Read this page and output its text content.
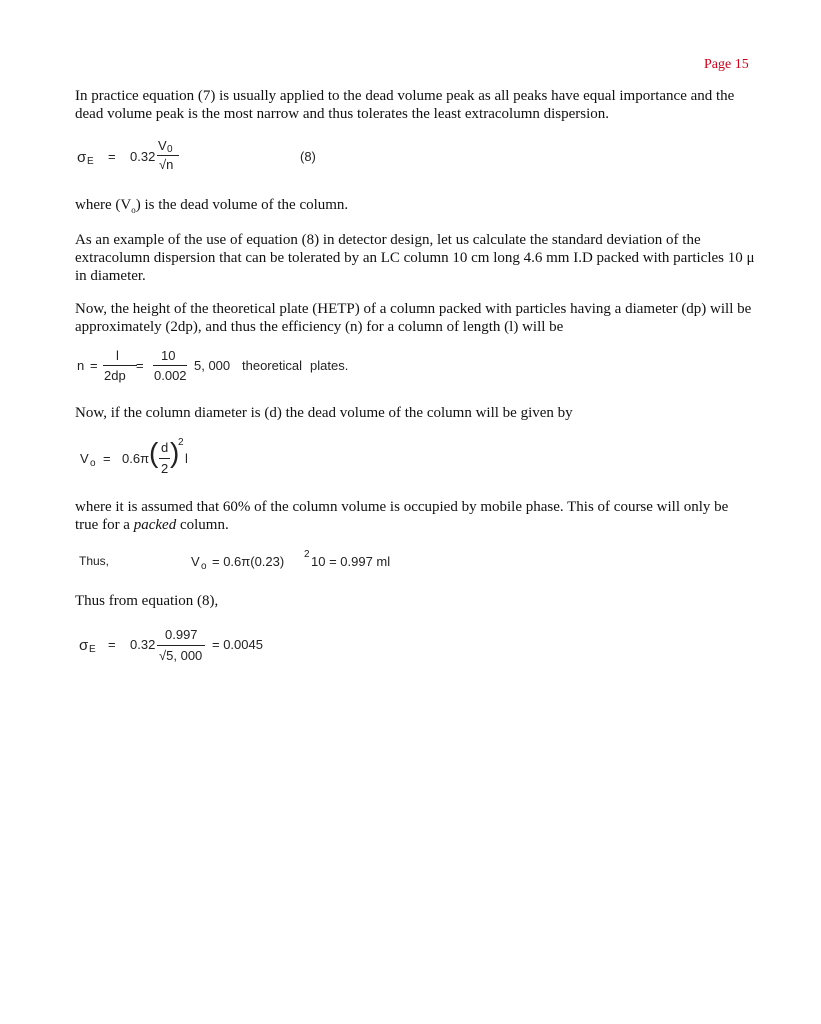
Page 15

In practice equation (7) is usually applied to the dead volume peak as all peaks have equal importance and the dead volume peak is the most narrow and thus tolerates the least extracolumn dispersion.

σ E = 0.32
V 0
√n
(8)

where $(V_o)$ is the dead volume of the column.

As an example of the use of equation (8) in detector design, let us calculate the standard deviation of the extracolumn dispersion that can be tolerated by an LC column 10 cm long 4.6 mm I.D packed with particles 10 μ in diameter.

Now, the height of the theoretical plate (HETP) of a column packed with particles having a diameter (dp) will be approximately (2dp), and thus the efficiency (n) for a column of length (l) will be

n =
l
2dp
=
10
0.002
5, 000 theoretical plates.

Now, if the column diameter is (d) the dead volume of the column will be given by

V o = 0.6π ( d
2
)
2
l

where it is assumed that 60% of the column volume is occupied by mobile phase. This of course will only be true for a packed column.

Thus,	V o = 0.6π(0.23) 2 10 = 0.997 ml

Thus from equation (8),

σ E = 0.32
0.997
√5, 000
= 0.0045
